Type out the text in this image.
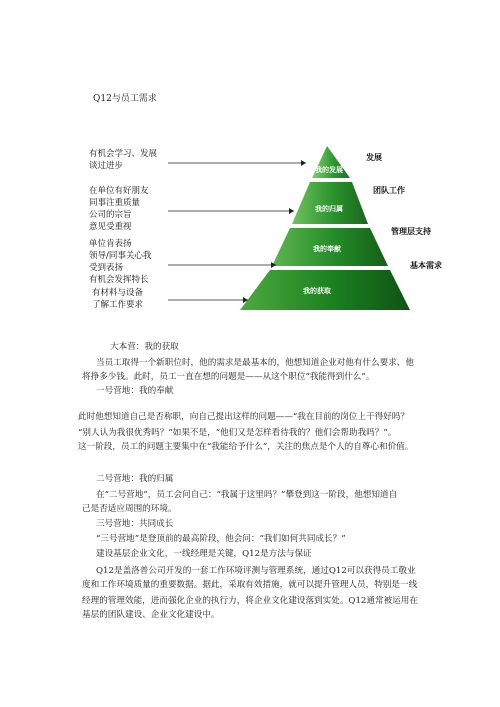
Q12与员工需求
我的发展
我的归属
我的奉献
我的获取
发展
团队工作
管理层支持
基本需求
有机会学习、发展
谈过进步
在单位有好朋友
同事注重质量
公司的宗旨
意见受重视
单位肯表扬
领导/同事关心我
受到表扬
有机会发挥特长
有材料与设备
了解工作要求
大本营：我的获取
当员工取得一个新职位时，他的需求是最基本的，他想知道企业对他有什么要求、他
将挣多少钱。此时，员工一直在想的问题是——从这个职位“我能得到什么”。
一号营地：我的奉献
此时他想知道自己是否称职，向自己提出这样的问题——“我在目前的岗位上干得好吗？
“别人认为我很优秀吗？”如果不是，“他们又是怎样看待我的？他们会帮助我吗？”。
这一阶段，员工的问题主要集中在“我能给予什么”，关注的焦点是个人的自尊心和价值。
二号营地：我的归属
在“二号营地”，员工会问自己：“我属于这里吗？”攀登到这一阶段，他想知道自
己是否适应周围的环境。
三号营地：共同成长
“三号营地”是登顶前的最高阶段，他会问：“我们如何共同成长？”
建设基层企业文化，一线经理是关键，Q12是方法与保证
Q12是盖洛普公司开发的一套工作环境评测与管理系统，通过Q12可以获得员工敬业
度和工作环境质量的重要数据。据此，采取有效措施，就可以提升管理人员，特别是一线
经理的管理效能，进而强化企业的执行力，将企业文化建设落到实处。Q12通常被运用在
基层的团队建设、企业文化建设中。
